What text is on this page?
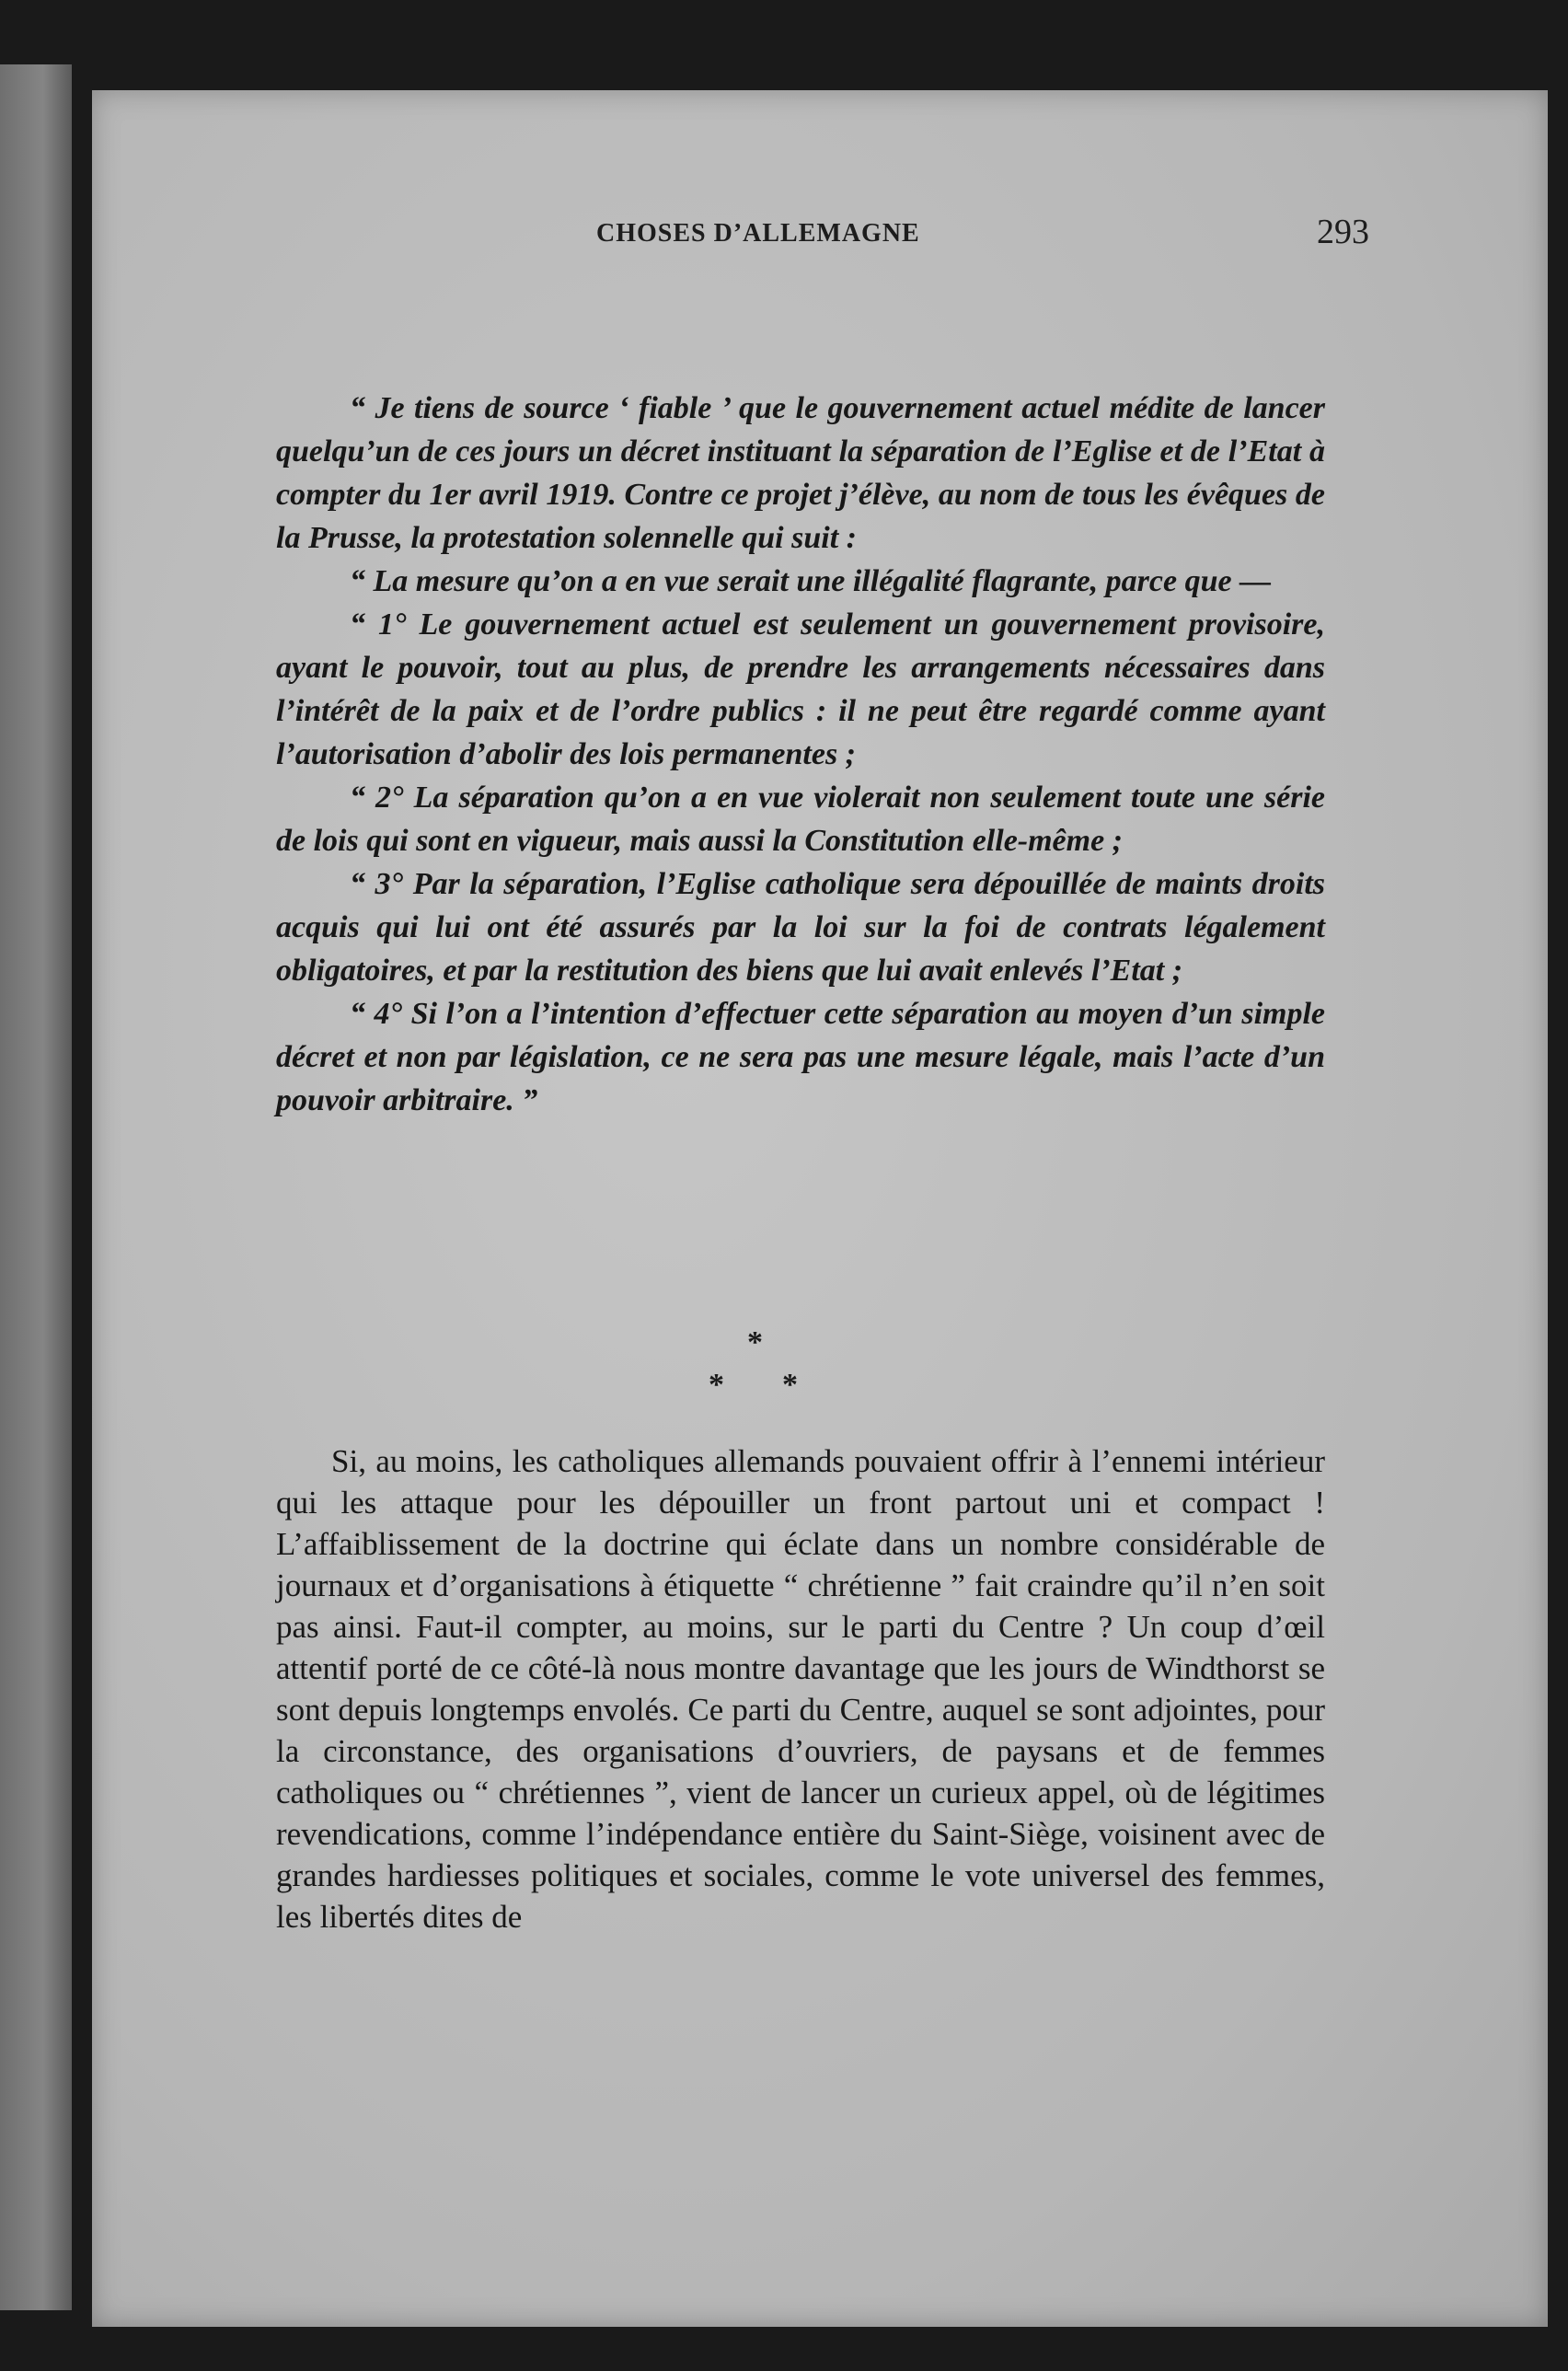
CHOSES D’ALLEMAGNE	293

“ Je tiens de source ‘ fiable ’ que le gouvernement actuel médite de lancer quelqu’un de ces jours un décret instituant la séparation de l’Eglise et de l’Etat à compter du 1er avril 1919. Contre ce projet j’élève, au nom de tous les évêques de la Prusse, la protestation solennelle qui suit :

“ La mesure qu’on a en vue serait une illégalité flagrante, parce que —

“ 1° Le gouvernement actuel est seulement un gouvernement provisoire, ayant le pouvoir, tout au plus, de prendre les arrangements nécessaires dans l’intérêt de la paix et de l’ordre publics : il ne peut être regardé comme ayant l’autorisation d’abolir des lois permanentes ;

“ 2° La séparation qu’on a en vue violerait non seulement toute une série de lois qui sont en vigueur, mais aussi la Constitution elle-même ;

“ 3° Par la séparation, l’Eglise catholique sera dépouillée de maints droits acquis qui lui ont été assurés par la loi sur la foi de contrats légalement obligatoires, et par la restitution des biens que lui avait enlevés l’Etat ;

“ 4° Si l’on a l’intention d’effectuer cette séparation au moyen d’un simple décret et non par législation, ce ne sera pas une mesure légale, mais l’acte d’un pouvoir arbitraire. ”

*
* *

Si, au moins, les catholiques allemands pouvaient offrir à l’ennemi intérieur qui les attaque pour les dépouiller un front partout uni et compact ! L’affaiblissement de la doctrine qui éclate dans un nombre considérable de journaux et d’organisations à étiquette “ chrétienne ” fait craindre qu’il n’en soit pas ainsi. Faut-il compter, au moins, sur le parti du Centre ? Un coup d’œil attentif porté de ce côté-là nous montre davantage que les jours de Windthorst se sont depuis longtemps envolés. Ce parti du Centre, auquel se sont adjointes, pour la circonstance, des organisations d’ouvriers, de paysans et de femmes catholiques ou “ chrétiennes ”, vient de lancer un curieux appel, où de légitimes revendications, comme l’indépendance entière du Saint-Siège, voisinent avec de grandes hardiesses politiques et sociales, comme le vote universel des femmes, les libertés dites de
